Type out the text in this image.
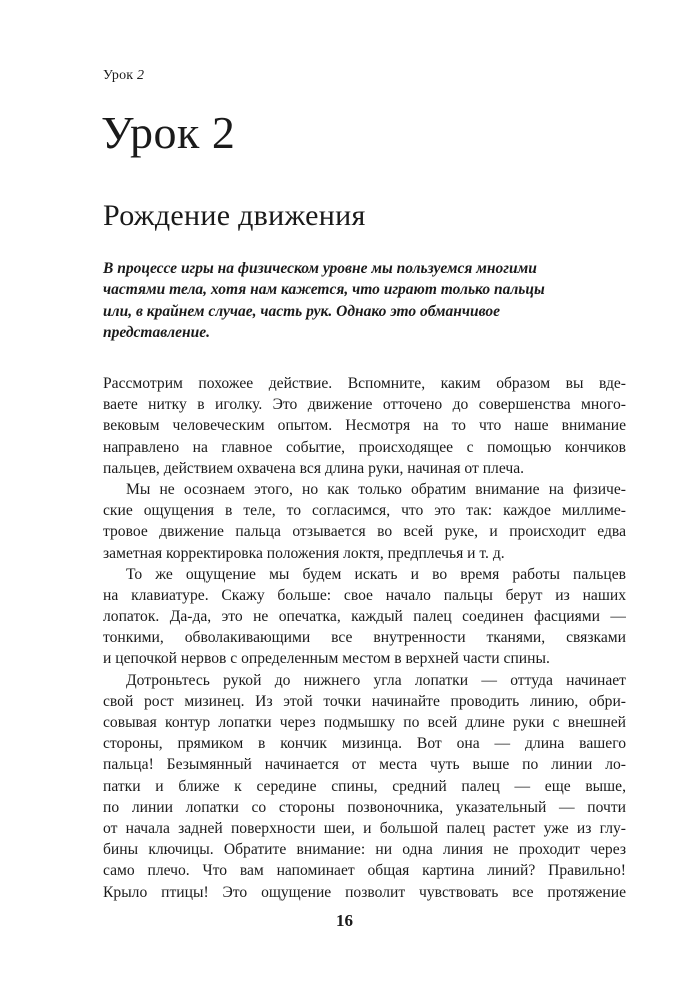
Урок 2
Урок 2
Рождение движения

В процессе игры на физическом уровне мы пользуемся многими
частями тела, хотя нам кажется, что играют только пальцы
или, в крайнем случае, часть рук. Однако это обманчивое
представление.

Рассмотрим похожее действие. Вспомните, каким образом вы вде-
ваете нитку в иголку. Это движение отточено до совершенства много-
вековым человеческим опытом. Несмотря на то что наше внимание
направлено на главное событие, происходящее с помощью кончиков
пальцев, действием охвачена вся длина руки, начиная от плеча.
Мы не осознаем этого, но как только обратим внимание на физиче-
ские ощущения в теле, то согласимся, что это так: каждое миллиме-
тровое движение пальца отзывается во всей руке, и происходит едва
заметная корректировка положения локтя, предплечья и т. д.
То же ощущение мы будем искать и во время работы пальцев
на клавиатуре. Скажу больше: свое начало пальцы берут из наших
лопаток. Да-да, это не опечатка, каждый палец соединен фасциями —
тонкими, обволакивающими все внутренности тканями, связками
и цепочкой нервов с определенным местом в верхней части спины.
Дотроньтесь рукой до нижнего угла лопатки — оттуда начинает
свой рост мизинец. Из этой точки начинайте проводить линию, обри-
совывая контур лопатки через подмышку по всей длине руки с внешней
стороны, прямиком в кончик мизинца. Вот она — длина вашего
пальца! Безымянный начинается от места чуть выше по линии ло-
патки и ближе к середине спины, средний палец — еще выше,
по линии лопатки со стороны позвоночника, указательный — почти
от начала задней поверхности шеи, и большой палец растет уже из глу-
бины ключицы. Обратите внимание: ни одна линия не проходит через
само плечо. Что вам напоминает общая картина линий? Правильно!
Крыло птицы! Это ощущение позволит чувствовать все протяжение
16
